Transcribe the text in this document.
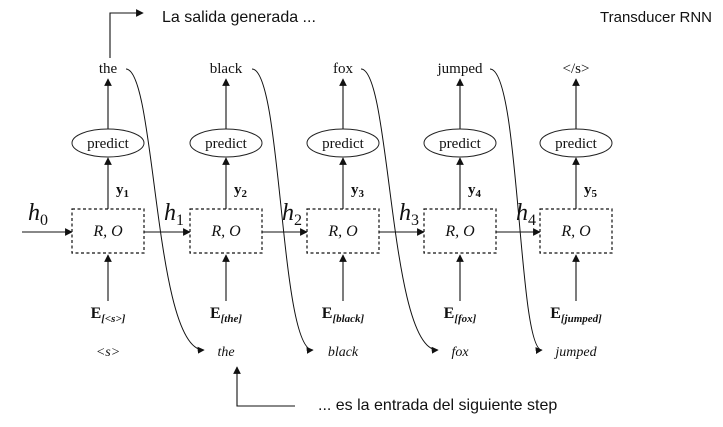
Transducer RNN
La salida generada ...
... es la entrada del siguiente step
$h_0$
the
predict
$y_1$
R, O
$E_{[<s>]}$
<s>
$h_1$
black
predict
$y_2$
R, O
$E_{[the]}$
the
$h_2$
fox
predict
$y_3$
R, O
$E_{[black]}$
black
$h_3$
jumped
predict
$y_4$
R, O
$E_{[fox]}$
fox
$h_4$
</s>
predict
$y_5$
R, O
$E_{[jumped]}$
jumped
